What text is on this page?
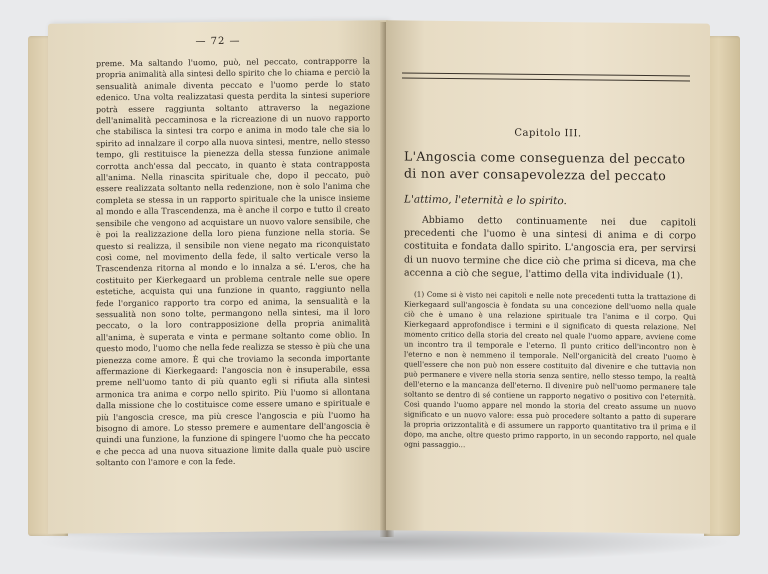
— 72 —

preme. Ma saltando l'uomo, può, nel peccato, contrapporre la propria animalità alla sintesi dello spirito che lo chiama e perciò la sensualità animale diventa peccato e l'uomo perde lo stato edenico. Una volta realizzatasi questa perdita la sintesi superiore potrà essere raggiunta soltanto attraverso la negazione dell'animalità peccaminosa e la ricreazione di un nuovo rapporto che stabilisca la sintesi tra corpo e anima in modo tale che sia lo spirito ad innalzare il corpo alla nuova sintesi, mentre, nello stesso tempo, gli restituisce la pienezza della stessa funzione animale corrotta anch'essa dal peccato, in quanto è stata contrapposta all'anima. Nella rinascita spirituale che, dopo il peccato, può essere realizzata soltanto nella redenzione, non è solo l'anima che completa se stessa in un rapporto spirituale che la unisce insieme al mondo e alla Trascendenza, ma è anche il corpo e tutto il creato sensibile che vengono ad acquistare un nuovo valore sensibile, che è poi la realizzazione della loro piena funzione nella storia. Se questo si realizza, il sensibile non viene negato ma riconquistato così come, nel movimento della fede, il salto verticale verso la Trascendenza ritorna al mondo e lo innalza a sé. L'eros, che ha costituito per Kierkegaard un problema centrale nelle sue opere estetiche, acquista qui una funzione in quanto, raggiunto nella fede l'organico rapporto tra corpo ed anima, la sensualità e la sessualità non sono tolte, permangono nella sintesi, ma il loro peccato, o la loro contrapposizione della propria animalità all'anima, è superata e vinta e permane soltanto come oblio. In questo modo, l'uomo che nella fede realizza se stesso è più che una pienezza come amore. È qui che troviamo la seconda importante affermazione di Kierkegaard: l'angoscia non è insuperabile, essa preme nell'uomo tanto di più quanto egli si rifiuta alla sintesi armonica tra anima e corpo nello spirito. Più l'uomo si allontana dalla missione che lo costituisce come essere umano e spirituale e più l'angoscia cresce, ma più cresce l'angoscia e più l'uomo ha bisogno di amore. Lo stesso premere e aumentare dell'angoscia è quindi una funzione, la funzione di spingere l'uomo che ha peccato e che pecca ad una nuova situazione limite dalla quale può uscire soltanto con l'amore e con la fede.

Capitolo III.
L'Angoscia come conseguenza del peccato
di non aver consapevolezza del peccato
L'attimo, l'eternità e lo spirito.
Abbiamo detto continuamente nei due capitoli precedenti che l'uomo è una sintesi di anima e di corpo costituita e fondata dallo spirito. L'angoscia era, per servirsi di un nuovo termine che dice ciò che prima si diceva, ma che accenna a ciò che segue, l'attimo della vita individuale (1).
(1) Come si è visto nei capitoli e nelle note precedenti tutta la trattazione di Kierkegaard sull'angoscia è fondata su una concezione dell'uomo nella quale ciò che è umano è una relazione spirituale tra l'anima e il corpo. Qui Kierkegaard approfondisce i termini e il significato di questa relazione. Nel momento critico della storia del creato nel quale l'uomo appare, avviene come un incontro tra il temporale e l'eterno. Il punto critico dell'incontro non è l'eterno e non è nemmeno il temporale. Nell'organicità del creato l'uomo è quell'essere che non può non essere costituito dal divenire e che tuttavia non può permanere e vivere nella storia senza sentire, nello stesso tempo, la realtà dell'eterno e la mancanza dell'eterno. Il divenire può nell'uomo permanere tale soltanto se dentro di sé contiene un rapporto negativo o positivo con l'eternità. Così quando l'uomo appare nel mondo la storia del creato assume un nuovo significato e un nuovo valore: essa può procedere soltanto a patto di superare la propria orizzontalità e di assumere un rapporto quantitativo tra il prima e il dopo, ma anche, oltre questo primo rapporto, in un secondo rapporto, nel quale ogni passaggio...
